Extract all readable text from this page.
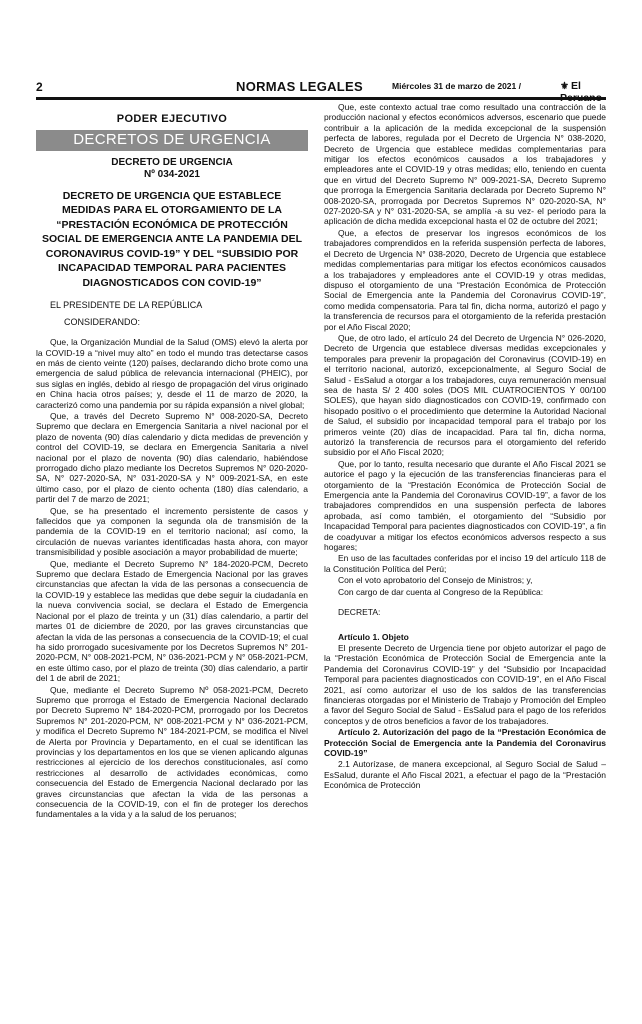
2	NORMAS LEGALES	Miércoles 31 de marzo de 2021 /	⚜ El
PODER EJECUTIVO
DECRETOS DE URGENCIA
DECRETO DE URGENCIA
Nº 034-2021
DECRETO DE URGENCIA QUE ESTABLECE MEDIDAS PARA EL OTORGAMIENTO DE LA “PRESTACIÓN ECONÓMICA DE PROTECCIÓN SOCIAL DE EMERGENCIA ANTE LA PANDEMIA DEL CORONAVIRUS COVID-19” Y DEL “SUBSIDIO POR INCAPACIDAD TEMPORAL PARA PACIENTES DIAGNOSTICADOS CON COVID-19”
EL PRESIDENTE DE LA REPÚBLICA
CONSIDERANDO:

Que, la Organización Mundial de la Salud (OMS) elevó la alerta por la COVID-19 a “nivel muy alto” en todo el mundo tras detectarse casos en más de ciento veinte (120) países, declarando dicho brote como una emergencia de salud pública de relevancia internacional (PHEIC), por sus siglas en inglés, debido al riesgo de propagación del virus originado en China hacia otros países; y, desde el 11 de marzo de 2020, la caracterizó como una pandemia por su rápida expansión a nivel global;

Que, a través del Decreto Supremo N° 008-2020-SA, Decreto Supremo que declara en Emergencia Sanitaria a nivel nacional por el plazo de noventa (90) días calendario y dicta medidas de prevención y control del COVID-19, se declara en Emergencia Sanitaria a nivel nacional por el plazo de noventa (90) días calendario, habiéndose prorrogado dicho plazo mediante los Decretos Supremos N° 020-2020-SA, N° 027-2020-SA, N° 031-2020-SA y N° 009-2021-SA, en este último caso, por el plazo de ciento ochenta (180) días calendario, a partir del 7 de marzo de 2021;

Que, se ha presentado el incremento persistente de casos y fallecidos que ya componen la segunda ola de transmisión de la pandemia de la COVID-19 en el territorio nacional; así como, la circulación de nuevas variantes identificadas hasta ahora, con mayor transmisibilidad y posible asociación a mayor probabilidad de muerte;

Que, mediante el Decreto Supremo N° 184-2020-PCM, Decreto Supremo que declara Estado de Emergencia Nacional por las graves circunstancias que afectan la vida de las personas a consecuencia de la COVID-19 y establece las medidas que debe seguir la ciudadanía en la nueva convivencia social, se declara el Estado de Emergencia Nacional por el plazo de treinta y un (31) días calendario, a partir del martes 01 de diciembre de 2020, por las graves circunstancias que afectan la vida de las personas a consecuencia de la COVID-19; el cual ha sido prorrogado sucesivamente por los Decretos Supremos N° 201-2020-PCM, N° 008-2021-PCM, N° 036-2021-PCM y N° 058-2021-PCM, en este último caso, por el plazo de treinta (30) días calendario, a partir del 1 de abril de 2021;

Que, mediante el Decreto Supremo Nº 058-2021-PCM, Decreto Supremo que prorroga el Estado de Emergencia Nacional declarado por Decreto Supremo N° 184-2020-PCM, prorrogado por los Decretos Supremos N° 201-2020-PCM, N° 008-2021-PCM y N° 036-2021-PCM, y modifica el Decreto Supremo N° 184-2021-PCM, se modifica el Nivel de Alerta por Provincia y Departamento, en el cual se identifican las provincias y los departamentos en los que se vienen aplicando algunas restricciones al ejercicio de los derechos constitucionales, así como restricciones al desarrollo de actividades económicas, como consecuencia del Estado de Emergencia Nacional declarado por las graves circunstancias que afectan la vida de las personas a consecuencia de la COVID-19, con el fin de proteger los derechos fundamentales a la vida y a la salud de los peruanos;

Que, este contexto actual trae como resultado una contracción de la producción nacional y efectos económicos adversos, escenario que puede contribuir a la aplicación de la medida excepcional de la suspensión perfecta de labores, regulada por el Decreto de Urgencia N° 038-2020, Decreto de Urgencia que establece medidas complementarias para mitigar los efectos económicos causados a los trabajadores y empleadores ante el COVID-19 y otras medidas; ello, teniendo en cuenta que en virtud del Decreto Supremo N° 009-2021-SA, Decreto Supremo que prorroga la Emergencia Sanitaria declarada por Decreto Supremo N° 008-2020-SA, prorrogada por Decretos Supremos N° 020-2020-SA, N° 027-2020-SA y N° 031-2020-SA, se amplía -a su vez- el periodo para la aplicación de dicha medida excepcional hasta el 02 de octubre del 2021;

Que, a efectos de preservar los ingresos económicos de los trabajadores comprendidos en la referida suspensión perfecta de labores, el Decreto de Urgencia N° 038-2020, Decreto de Urgencia que establece medidas complementarias para mitigar los efectos económicos causados a los trabajadores y empleadores ante el COVID-19 y otras medidas, dispuso el otorgamiento de una “Prestación Económica de Protección Social de Emergencia ante la Pandemia del Coronavirus COVID-19”, como medida compensatoria. Para tal fin, dicha norma, autorizó el pago y la transferencia de recursos para el otorgamiento de la referida prestación por el Año Fiscal 2020;

Que, de otro lado, el artículo 24 del Decreto de Urgencia N° 026-2020, Decreto de Urgencia que establece diversas medidas excepcionales y temporales para prevenir la propagación del Coronavirus (COVID-19) en el territorio nacional, autorizó, excepcionalmente, al Seguro Social de Salud - EsSalud a otorgar a los trabajadores, cuya remuneración mensual sea de hasta S/ 2 400 soles (DOS MIL CUATROCIENTOS Y 00/100 SOLES), que hayan sido diagnosticados con COVID-19, confirmado con hisopado positivo o el procedimiento que determine la Autoridad Nacional de Salud, el subsidio por incapacidad temporal para el trabajo por los primeros veinte (20) días de incapacidad. Para tal fin, dicha norma, autorizó la transferencia de recursos para el otorgamiento del referido subsidio por el Año Fiscal 2020;

Que, por lo tanto, resulta necesario que durante el Año Fiscal 2021 se autorice el pago y la ejecución de las transferencias financieras para el otorgamiento de la “Prestación Económica de Protección Social de Emergencia ante la Pandemia del Coronavirus COVID-19”, a favor de los trabajadores comprendidos en una suspensión perfecta de labores aprobada, así como también, el otorgamiento del “Subsidio por Incapacidad Temporal para pacientes diagnosticados con COVID-19”, a fin de coadyuvar a mitigar los efectos económicos adversos respecto a sus hogares;

En uso de las facultades conferidas por el inciso 19 del artículo 118 de la Constitución Política del Perú;

Con el voto aprobatorio del Consejo de Ministros; y,

Con cargo de dar cuenta al Congreso de la República:

DECRETA:

Artículo 1. Objeto

El presente Decreto de Urgencia tiene por objeto autorizar el pago de la “Prestación Económica de Protección Social de Emergencia ante la Pandemia del Coronavirus COVID-19” y del “Subsidio por Incapacidad Temporal para pacientes diagnosticados con COVID-19”, en el Año Fiscal 2021, así como autorizar el uso de los saldos de las transferencias financieras otorgadas por el Ministerio de Trabajo y Promoción del Empleo a favor del Seguro Social de Salud - EsSalud para el pago de los referidos conceptos y de otros beneficios a favor de los trabajadores.

Artículo 2. Autorización del pago de la “Prestación Económica de Protección Social de Emergencia ante la Pandemia del Coronavirus COVID-19”

2.1 Autorízase, de manera excepcional, al Seguro Social de Salud – EsSalud, durante el Año Fiscal 2021, a efectuar el pago de la “Prestación Económica de Protección
